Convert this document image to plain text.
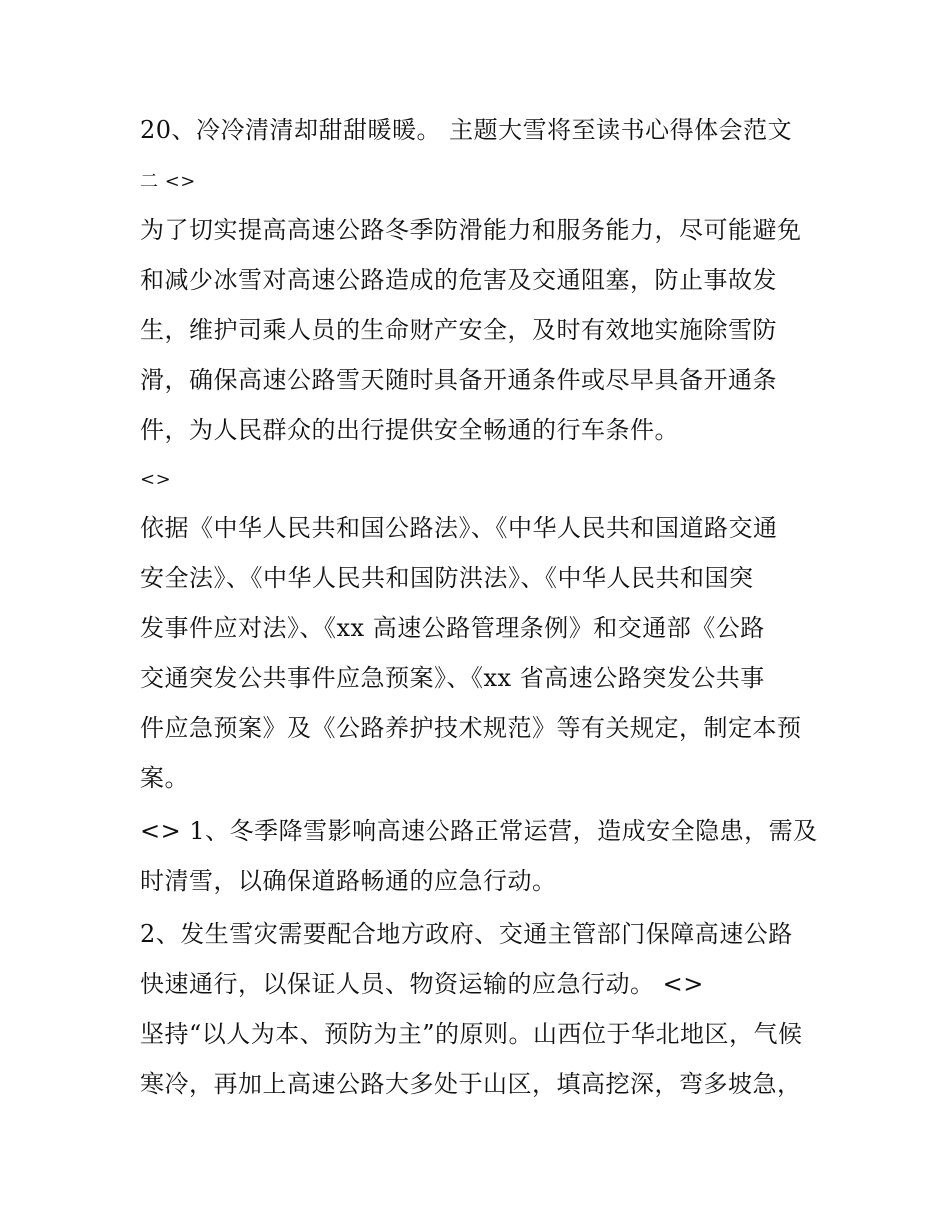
20、冷冷清清却甜甜暖暖。 主题大雪将至读书心得体会范文
二 <>
为了切实提高高速公路冬季防滑能力和服务能力，尽可能避免
和减少冰雪对高速公路造成的危害及交通阻塞，防止事故发
生，维护司乘人员的生命财产安全，及时有效地实施除雪防
滑，确保高速公路雪天随时具备开通条件或尽早具备开通条
件，为人民群众的出行提供安全畅通的行车条件。
<>
依据《中华人民共和国公路法》、《中华人民共和国道路交通
安全法》、《中华人民共和国防洪法》、《中华人民共和国突
发事件应对法》、《xx 高速公路管理条例》和交通部《公路
交通突发公共事件应急预案》、《xx 省高速公路突发公共事
件应急预案》及《公路养护技术规范》等有关规定，制定本预
案。
<> 1、冬季降雪影响高速公路正常运营，造成安全隐患，需及
时清雪，以确保道路畅通的应急行动。
2、发生雪灾需要配合地方政府、交通主管部门保障高速公路
快速通行，以保证人员、物资运输的应急行动。 <>
坚持“以人为本、预防为主”的原则。山西位于华北地区，气候
寒冷，再加上高速公路大多处于山区，填高挖深，弯多坡急，
